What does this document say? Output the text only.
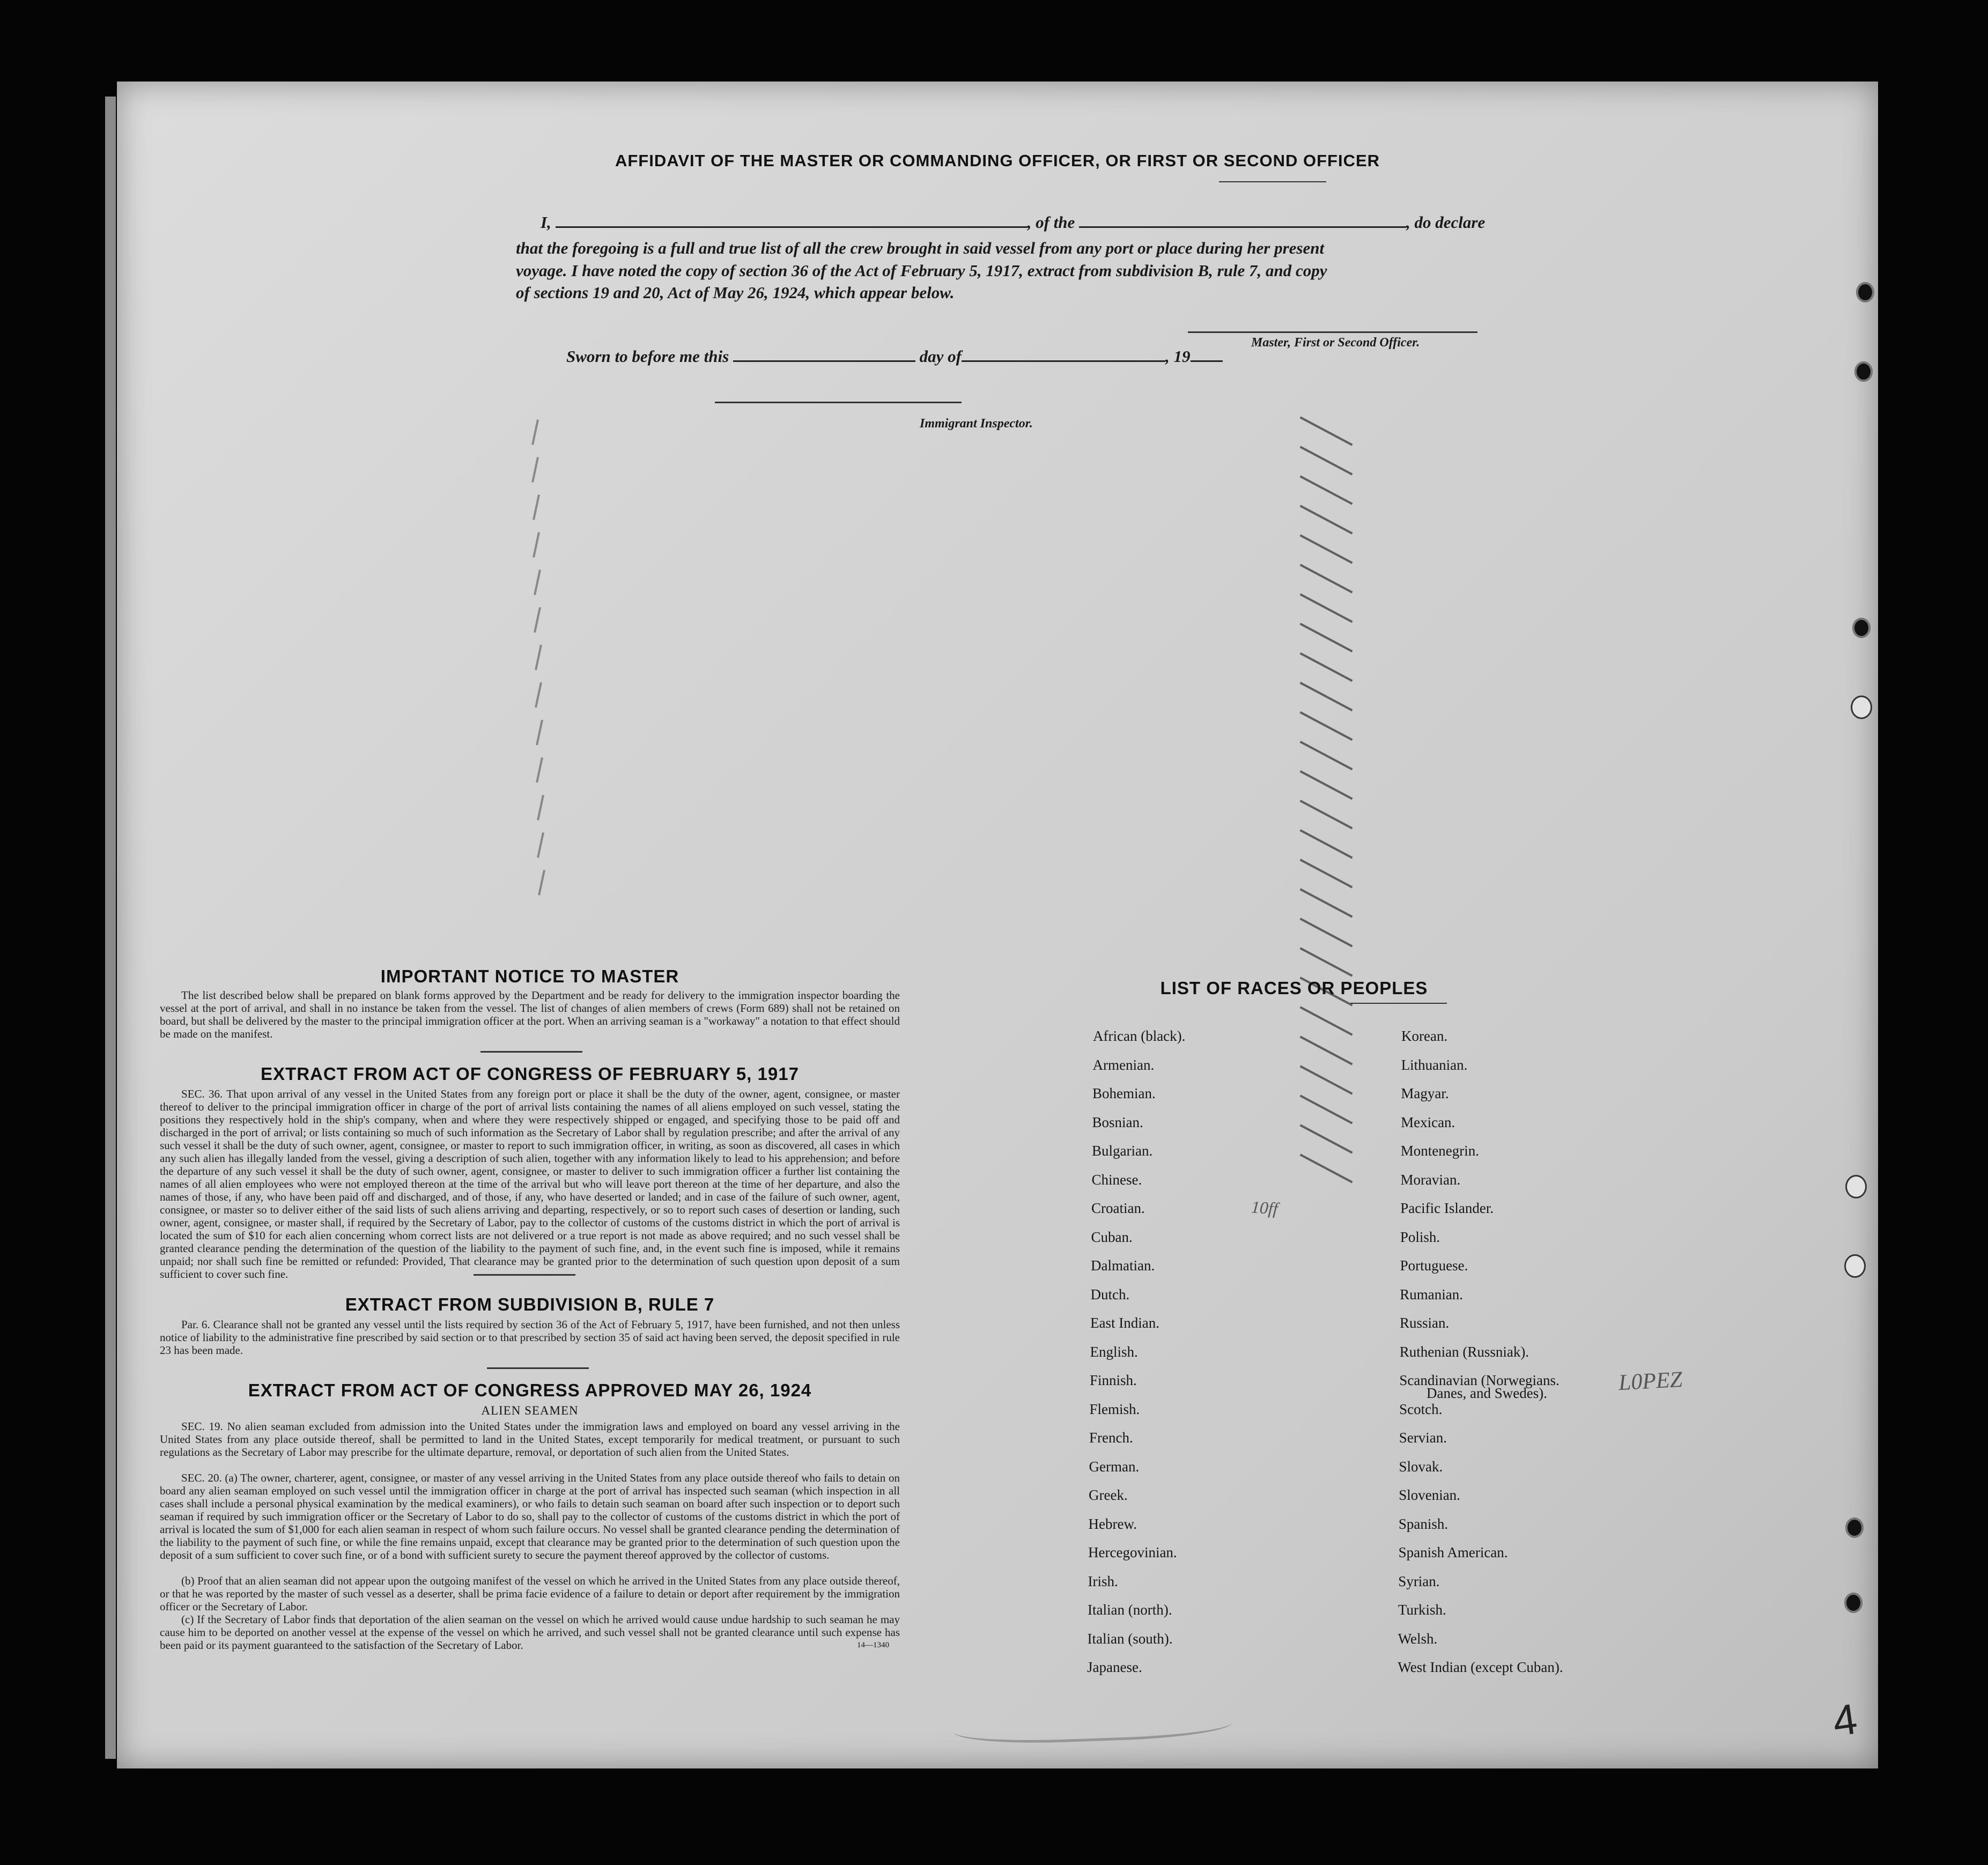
AFFIDAVIT OF THE MASTER OR COMMANDING OFFICER, OR FIRST OR SECOND OFFICER
I,	, of the	, do declare
that the foregoing is a full and true list of all the crew brought in said vessel from any port or place during her present
voyage. I have noted the copy of section 36 of the Act of February 5, 1917, extract from subdivision B, rule 7, and copy
of sections 19 and 20, Act of May 26, 1924, which appear below.
Master, First or Second Officer.
Sworn to before me this	day of	, 19
Immigrant Inspector.
IMPORTANT NOTICE TO MASTER
The list described below shall be prepared on blank forms approved by the Department and be ready for delivery to the immigration inspector boarding the vessel at the port of arrival, and shall in no instance be taken from the vessel. The list of changes of alien members of crews (Form 689) shall not be retained on board, but shall be delivered by the master to the principal immigration officer at the port. When an arriving seaman is a "workaway" a notation to that effect should be made on the manifest.
EXTRACT FROM ACT OF CONGRESS OF FEBRUARY 5, 1917
SEC. 36. That upon arrival of any vessel in the United States from any foreign port or place it shall be the duty of the owner, agent, consignee, or master thereof to deliver to the principal immigration officer in charge of the port of arrival lists containing the names of all aliens employed on such vessel, stating the positions they respectively hold in the ship's company, when and where they were respectively shipped or engaged, and specifying those to be paid off and discharged in the port of arrival; or lists containing so much of such information as the Secretary of Labor shall by regulation prescribe; and after the arrival of any such vessel it shall be the duty of such owner, agent, consignee, or master to report to such immigration officer, in writing, as soon as discovered, all cases in which any such alien has illegally landed from the vessel, giving a description of such alien, together with any information likely to lead to his apprehension; and before the departure of any such vessel it shall be the duty of such owner, agent, consignee, or master to deliver to such immigration officer a further list containing the names of all alien employees who were not employed thereon at the time of the arrival but who will leave port thereon at the time of her departure, and also the names of those, if any, who have been paid off and discharged, and of those, if any, who have deserted or landed; and in case of the failure of such owner, agent, consignee, or master so to deliver either of the said lists of such aliens arriving and departing, respectively, or so to report such cases of desertion or landing, such owner, agent, consignee, or master shall, if required by the Secretary of Labor, pay to the collector of customs of the customs district in which the port of arrival is located the sum of $10 for each alien concerning whom correct lists are not delivered or a true report is not made as above required; and no such vessel shall be granted clearance pending the determination of the question of the liability to the payment of such fine, and, in the event such fine is imposed, while it remains unpaid; nor shall such fine be remitted or refunded: Provided, That clearance may be granted prior to the determination of such question upon deposit of a sum sufficient to cover such fine.
EXTRACT FROM SUBDIVISION B, RULE 7
Par. 6. Clearance shall not be granted any vessel until the lists required by section 36 of the Act of February 5, 1917, have been furnished, and not then unless notice of liability to the administrative fine prescribed by said section or to that prescribed by section 35 of said act having been served, the deposit specified in rule 23 has been made.
EXTRACT FROM ACT OF CONGRESS APPROVED MAY 26, 1924
ALIEN SEAMEN
SEC. 19. No alien seaman excluded from admission into the United States under the immigration laws and employed on board any vessel arriving in the United States from any place outside thereof, shall be permitted to land in the United States, except temporarily for medical treatment, or pursuant to such regulations as the Secretary of Labor may prescribe for the ultimate departure, removal, or deportation of such alien from the United States.
SEC. 20. (a) The owner, charterer, agent, consignee, or master of any vessel arriving in the United States from any place outside thereof who fails to detain on board any alien seaman employed on such vessel until the immigration officer in charge at the port of arrival has inspected such seaman (which inspection in all cases shall include a personal physical examination by the medical examiners), or who fails to detain such seaman on board after such inspection or to deport such seaman if required by such immigration officer or the Secretary of Labor to do so, shall pay to the collector of customs of the customs district in which the port of arrival is located the sum of $1,000 for each alien seaman in respect of whom such failure occurs. No vessel shall be granted clearance pending the determination of the liability to the payment of such fine, or while the fine remains unpaid, except that clearance may be granted prior to the determination of such question upon the deposit of a sum sufficient to cover such fine, or of a bond with sufficient surety to secure the payment thereof approved by the collector of customs.
(b) Proof that an alien seaman did not appear upon the outgoing manifest of the vessel on which he arrived in the United States from any place outside thereof, or that he was reported by the master of such vessel as a deserter, shall be prima facie evidence of a failure to detain or deport after requirement by the immigration officer or the Secretary of Labor.
(c) If the Secretary of Labor finds that deportation of the alien seaman on the vessel on which he arrived would cause undue hardship to such seaman he may cause him to be deported on another vessel at the expense of the vessel on which he arrived, and such vessel shall not be granted clearance until such expense has been paid or its payment guaranteed to the satisfaction of the Secretary of Labor.	14—1340
LIST OF RACES OR PEOPLES
10ff
L0PEZ
4
African (black).
Armenian.
Bohemian.
Bosnian.
Bulgarian.
Chinese.
Croatian.
Cuban.
Dalmatian.
Dutch.
East Indian.
English.
Finnish.
Flemish.
French.
German.
Greek.
Hebrew.
Hercegovinian.
Irish.
Italian (north).
Italian (south).
Japanese.
Korean.
Lithuanian.
Magyar.
Mexican.
Montenegrin.
Moravian.
Pacific Islander.
Polish.
Portuguese.
Rumanian.
Russian.
Ruthenian (Russniak).
Scandinavian (Norwegians.
Danes, and Swedes).
Scotch.
Servian.
Slovak.
Slovenian.
Spanish.
Spanish American.
Syrian.
Turkish.
Welsh.
West Indian (except Cuban).
